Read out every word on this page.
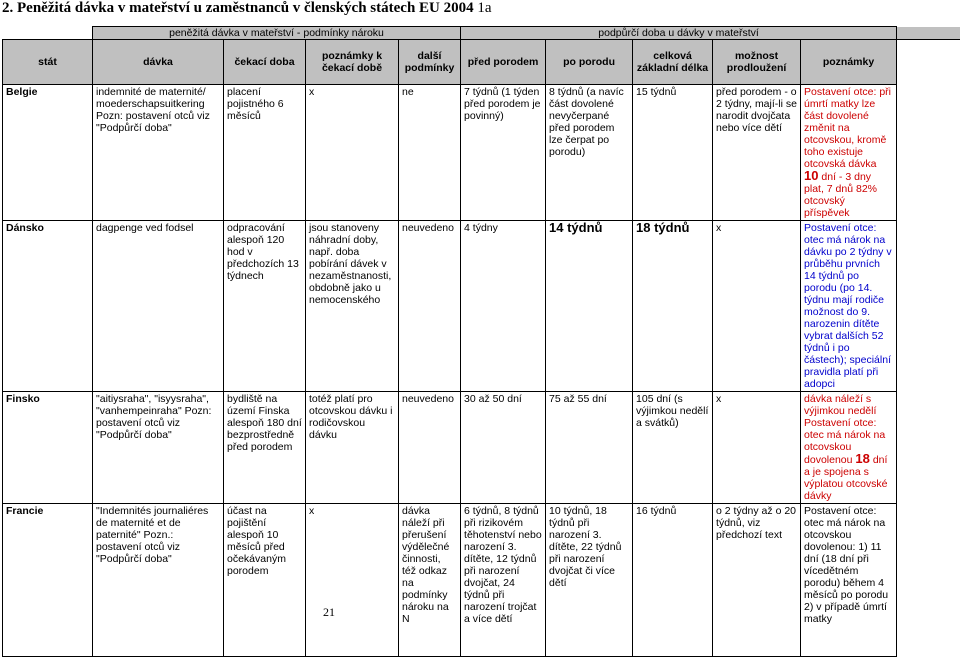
2. Peněžitá dávka v mateřství u zaměstnanců v členských státech EU 2004 1a
	peněžitá dávka v mateřství - podmínky nároku				podpůrčí doba u dávky v mateřství					
stát	dávka	čekací doba	poznámky k čekací době	další podmínky	před porodem	po porodu	celková základní délka	možnost prodloužení	poznámky	
Belgie	indemnité de maternité/ moederschapsuitkering Pozn: postavení otců viz "Podpůrčí doba"	placení pojistného 6 měsíců	x	ne	7 týdnů (1 týden před porodem je povinný)	8 týdnů (a navíc část dovolené nevyčerpané před porodem lze čerpat po porodu)	15 týdnů	před porodem - o 2 týdny, mají-li se narodit dvojčata nebo více dětí	Postavení otce: při úmrtí matky lze část dovolené změnit na otcovskou, kromě toho existuje otcovská dávka 10 dní - 3 dny plat, 7 dnů 82% otcovský příspěvek	
Dánsko	dagpenge ved fodsel	odpracování alespoň 120 hod v předchozích 13 týdnech	jsou stanoveny náhradní doby, např. doba pobírání dávek v nezaměstnanosti, obdobně jako u nemocenského	neuvedeno	4 týdny	14 týdnů	18 týdnů	x	Postavení otce: otec má nárok na dávku po 2 týdny v průběhu prvních 14 týdnů po porodu (po 14. týdnu mají rodiče možnost do 9. narozenin dítěte vybrat dalších 52 týdnů i po částech); speciální pravidla platí při adopci	
Finsko	"aitiysraha", "isyysraha", "vanhempeinraha" Pozn: postavení otců viz "Podpůrčí doba"	bydliště na území Finska alespoň 180 dní bezprostředně před porodem	totéž platí pro otcovskou dávku i rodičovskou dávku	neuvedeno	30 až 50 dní	75 až 55 dní	105 dní (s výjimkou nedělí a svátků)	x	dávka náleží s výjimkou nedělí Postavení otce: otec má nárok na otcovskou dovolenou 18 dní a je spojena s výplatou otcovské dávky	
Francie	"Indemnités journaliéres de maternité et de paternité" Pozn.: postavení otců viz "Podpůrčí doba"	účast na pojištění alespoň 10 měsíců před očekávaným porodem	x	dávka náleží při přerušení výdělečné činnosti, též odkaz na podmínky nároku na N	6 týdnů, 8 týdnů při rizikovém těhotenství nebo narození 3. dítěte, 12 týdnů při narození dvojčat, 24 týdnů při narození trojčat a více dětí	10 týdnů, 18 týdnů při narození 3. dítěte, 22 týdnů při narození dvojčat či více dětí	16 týdnů	o 2 týdny až o 20 týdnů, viz předchozí text	Postavení otce: otec má nárok na otcovskou dovolenou: 1) 11 dní (18 dní při vícedětném porodu) během 4 měsíců po porodu 2) v případě úmrtí matky	
21
